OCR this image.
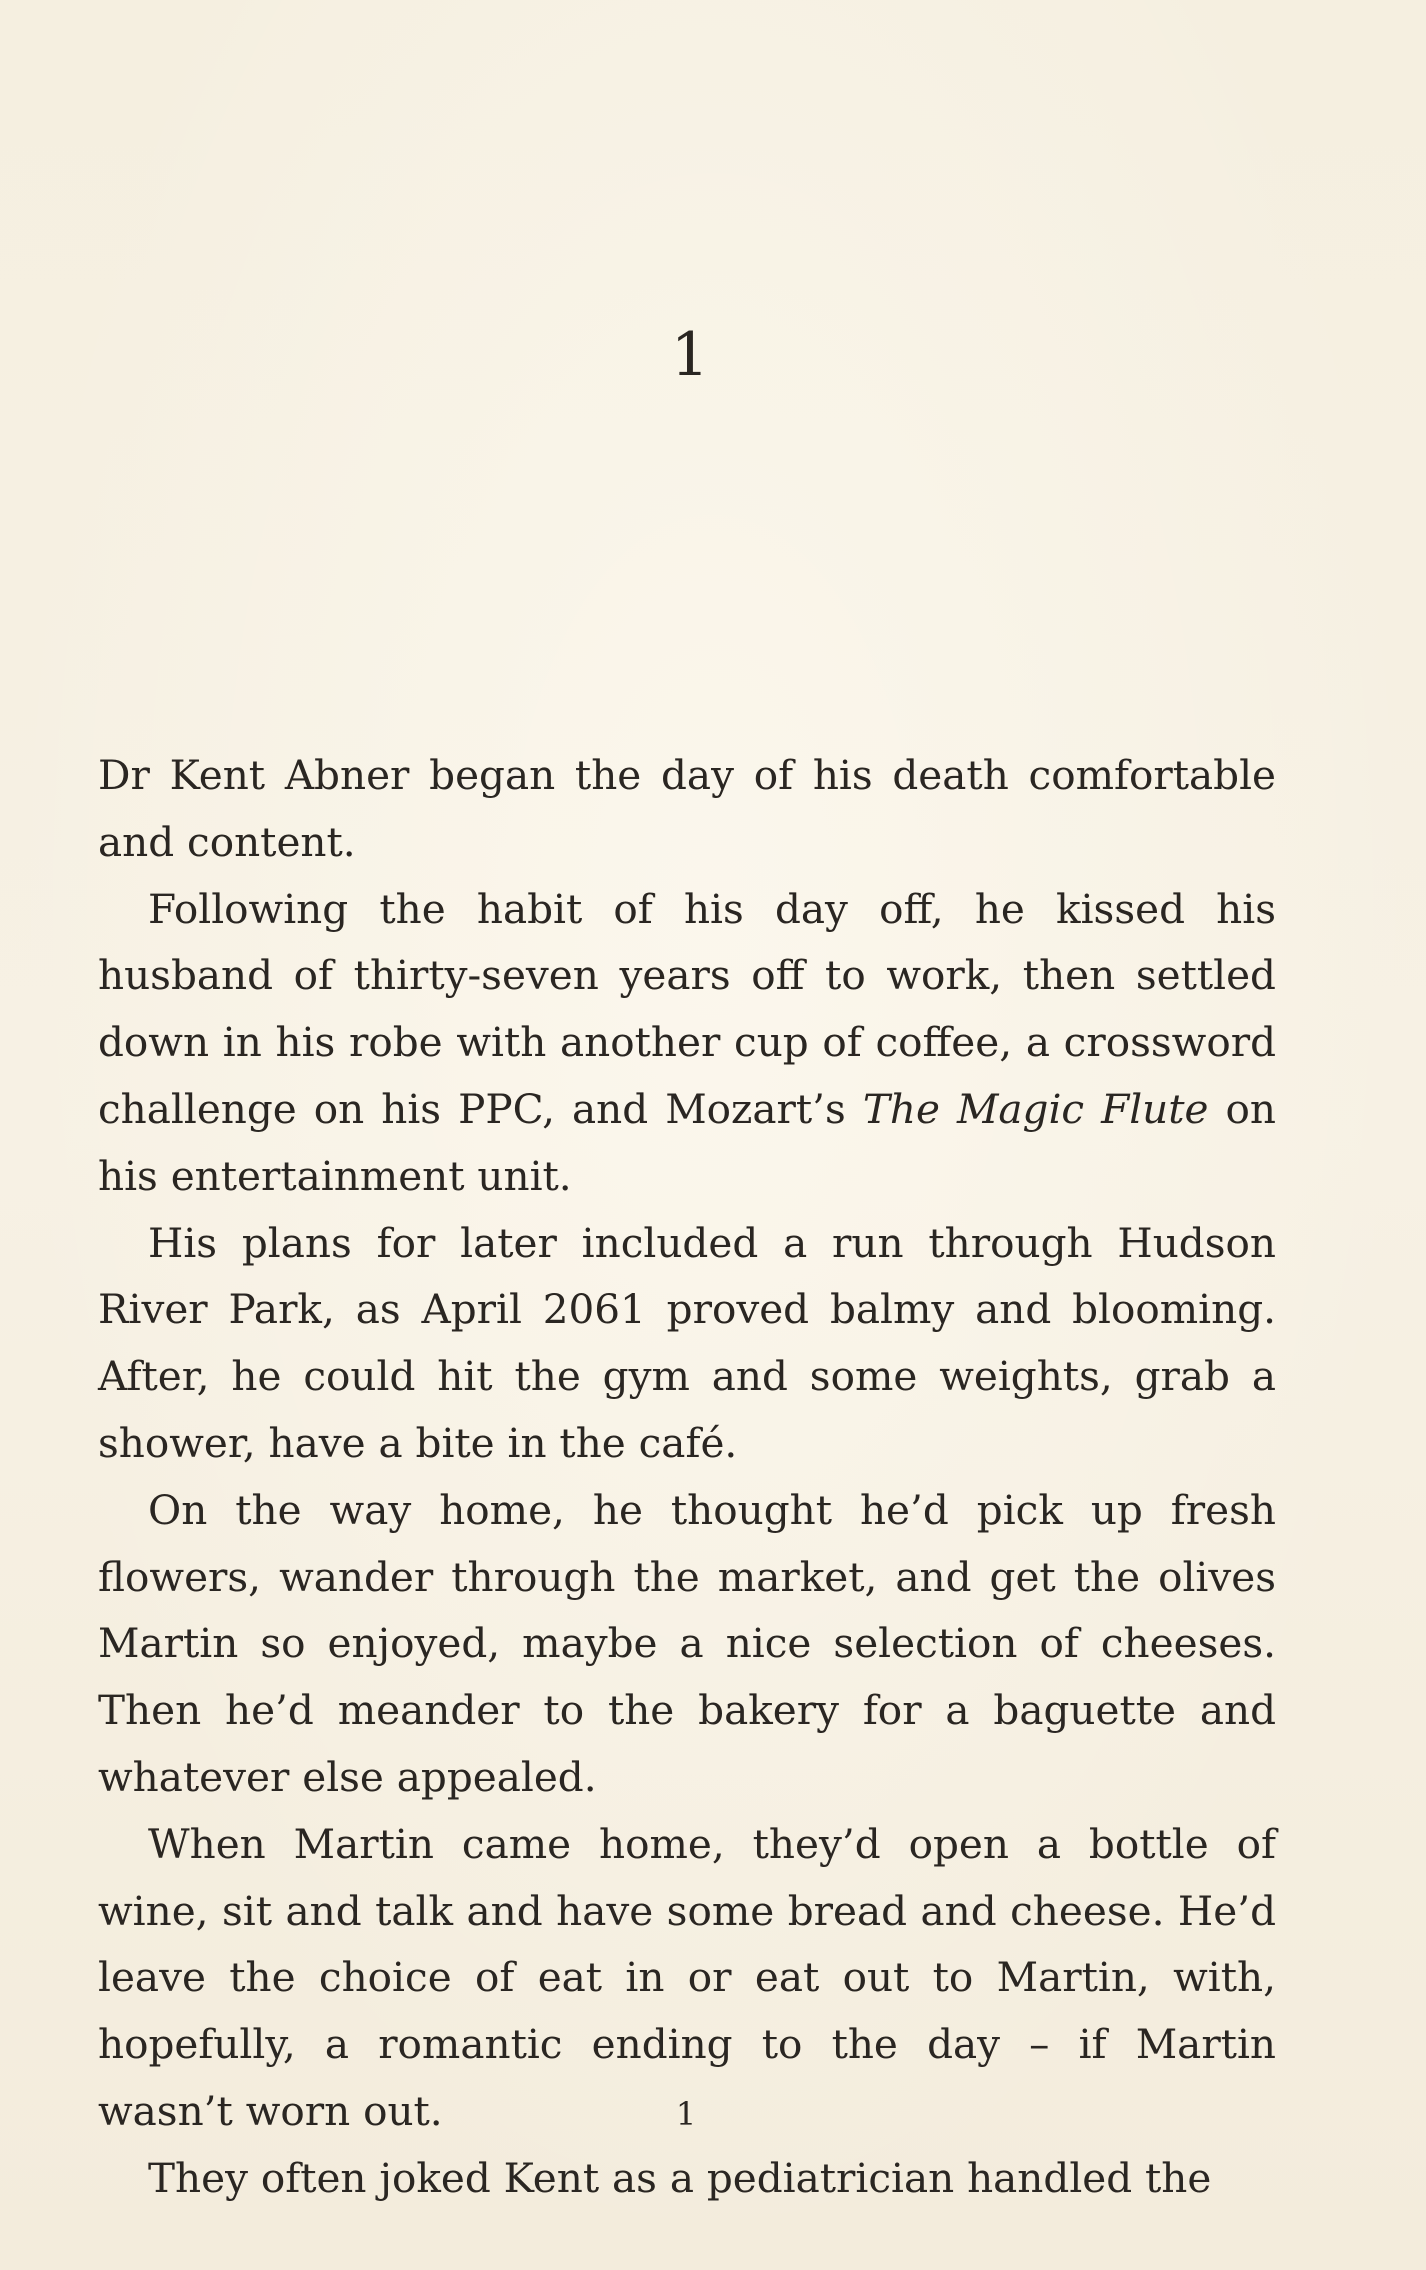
1

Dr Kent Abner began the day of his death comfortable and content.

Following the habit of his day off, he kissed his husband of thirty-seven years off to work, then settled down in his robe with another cup of coffee, a crossword challenge on his PPC, and Mozart’s The Magic Flute on his entertainment unit.

His plans for later included a run through Hudson River Park, as April 2061 proved balmy and blooming. After, he could hit the gym and some weights, grab a shower, have a bite in the café.

On the way home, he thought he’d pick up fresh flowers, wander through the market, and get the olives Martin so enjoyed, maybe a nice selection of cheeses. Then he’d meander to the bakery for a baguette and whatever else appealed.

When Martin came home, they’d open a bottle of wine, sit and talk and have some bread and cheese. He’d leave the choice of eat in or eat out to Martin, with, hopefully, a romantic ending to the day – if Martin wasn’t worn out.

They often joked Kent as a pediatrician handled the

1
